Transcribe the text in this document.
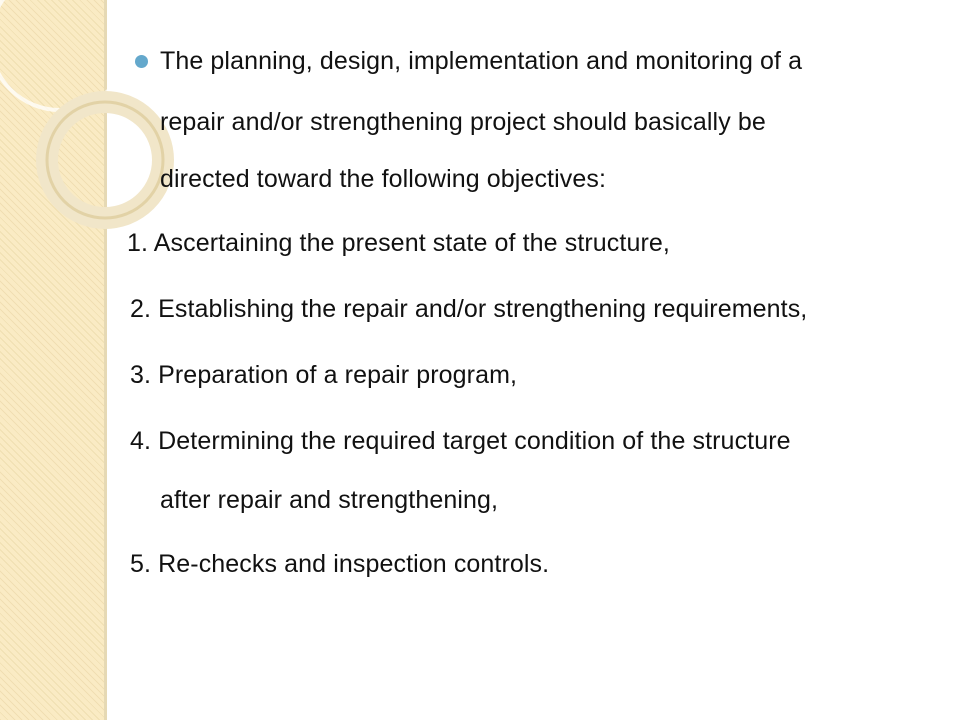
The planning, design, implementation and monitoring of a
repair and/or strengthening project should basically be
directed toward the following objectives:
1. Ascertaining the present state of the structure,
2. Establishing the repair and/or strengthening requirements,
3. Preparation of a repair program,
4. Determining the required target condition of the structure
after repair and strengthening,
5. Re-checks and inspection controls.
